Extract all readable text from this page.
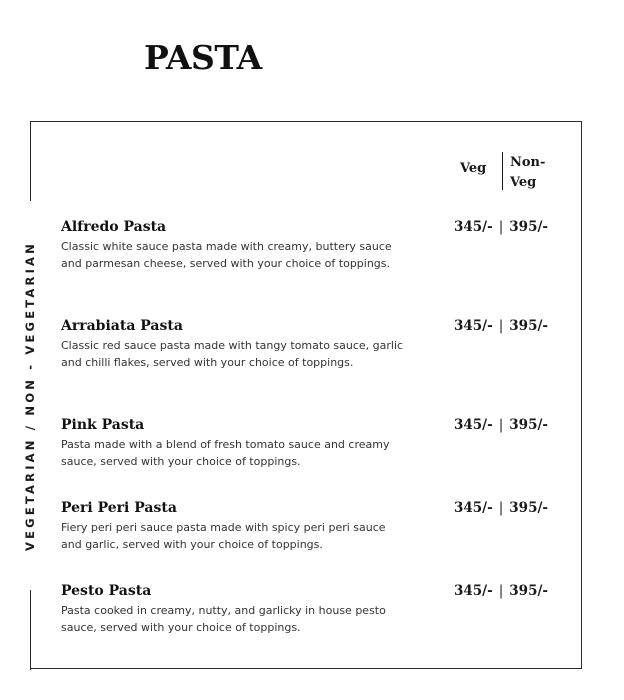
PASTA
VEGETARIAN / NON - VEGETARIAN
Veg Non-
Veg
Alfredo Pasta
Classic white sauce pasta made with creamy, buttery sauce and parmesan cheese, served with your choice of toppings.
345/- | 395/-
Arrabiata Pasta
Classic red sauce pasta made with tangy tomato sauce, garlic and chilli flakes, served with your choice of toppings.
345/- | 395/-
Pink Pasta
Pasta made with a blend of fresh tomato sauce and creamy sauce, served with your choice of toppings.
345/- | 395/-
Peri Peri Pasta
Fiery peri peri sauce pasta made with spicy peri peri sauce and garlic, served with your choice of toppings.
345/- | 395/-
Pesto Pasta
Pasta cooked in creamy, nutty, and garlicky in house pesto sauce, served with your choice of toppings.
345/- | 395/-
